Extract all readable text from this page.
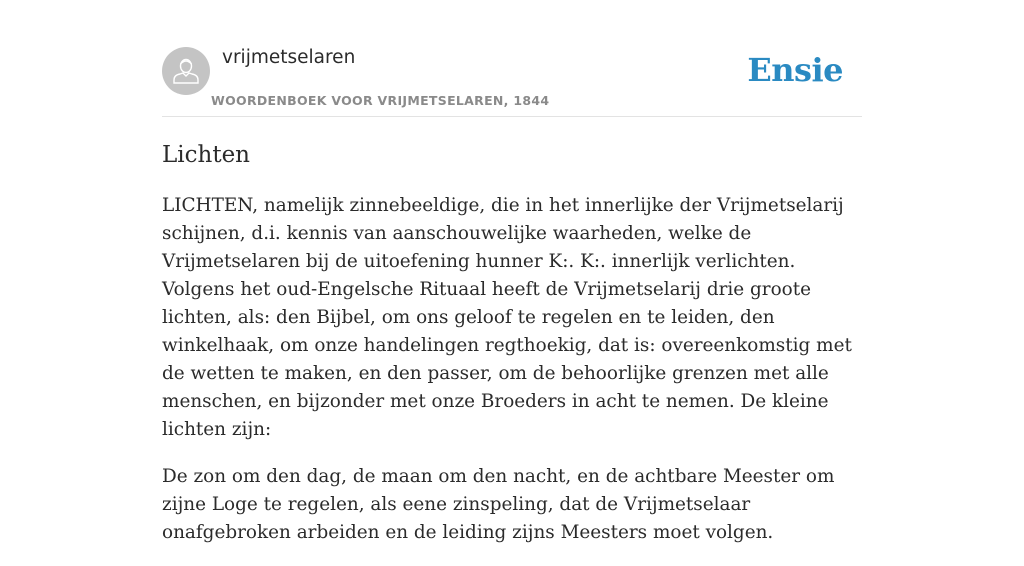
vrijmetselaren
WOORDENBOEK VOOR VRIJMETSELAREN, 1844
Ensie
Lichten

LICHTEN, namelijk zinnebeeldige, die in het innerlijke der Vrijmetselarij schijnen, d.i. kennis van aanschouwelijke waarheden, welke de Vrijmetselaren bij de uitoefening hunner K:. K:. innerlijk verlichten. Volgens het oud-Engelsche Rituaal heeft de Vrijmetselarij drie groote lichten, als: den Bijbel, om ons geloof te regelen en te leiden, den winkelhaak, om onze handelingen regthoekig, dat is: overeenkomstig met de wetten te maken, en den passer, om de behoorlijke grenzen met alle menschen, en bijzonder met onze Broeders in acht te nemen. De kleine lichten zijn:

De zon om den dag, de maan om den nacht, en de achtbare Meester om zijne Loge te regelen, als eene zinspeling, dat de Vrijmetselaar onafgebroken arbeiden en de leiding zijns Meesters moet volgen.
